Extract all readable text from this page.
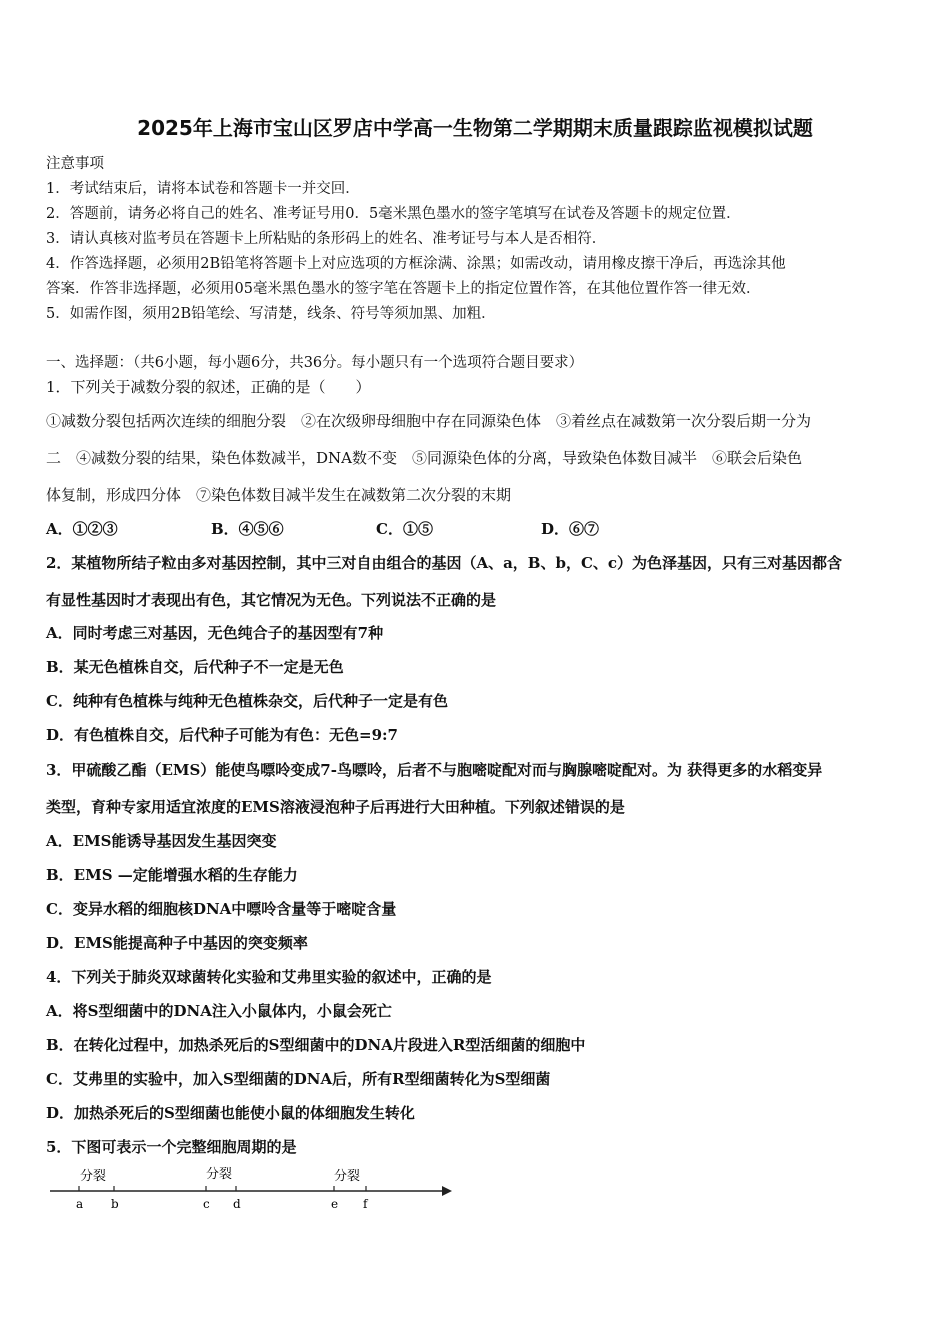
2025年上海市宝山区罗店中学高一生物第二学期期末质量跟踪监视模拟试题
注意事项
1．考试结束后，请将本试卷和答题卡一并交回．
2．答题前，请务必将自己的姓名、准考证号用0．5毫米黑色墨水的签字笔填写在试卷及答题卡的规定位置．
3．请认真核对监考员在答题卡上所粘贴的条形码上的姓名、准考证号与本人是否相符．
4．作答选择题，必须用2B铅笔将答题卡上对应选项的方框涂满、涂黑；如需改动，请用橡皮擦干净后，再选涂其他
答案．作答非选择题，必须用05毫米黑色墨水的签字笔在答题卡上的指定位置作答，在其他位置作答一律无效．
5．如需作图，须用2B铅笔绘、写清楚，线条、符号等须加黑、加粗．
一、选择题：（共6小题，每小题6分，共36分。每小题只有一个选项符合题目要求）
1．下列关于减数分裂的叙述，正确的是（　　）
①减数分裂包括两次连续的细胞分裂　②在次级卵母细胞中存在同源染色体　③着丝点在减数第一次分裂后期一分为
二　④减数分裂的结果，染色体数减半，DNA数不变　⑤同源染色体的分离，导致染色体数目减半　⑥联会后染色
体复制，形成四分体　⑦染色体数目减半发生在减数第二次分裂的末期
A．①②③	B．④⑤⑥	C．①⑤	D．⑥⑦
2．某植物所结子粒由多对基因控制，其中三对自由组合的基因（A、a，B、b，C、c）为色泽基因，只有三对基因都含
有显性基因时才表现出有色，其它情况为无色。下列说法不正确的是
A．同时考虑三对基因，无色纯合子的基因型有7种
B．某无色植株自交，后代种子不一定是无色
C．纯种有色植株与纯种无色植株杂交，后代种子一定是有色
D．有色植株自交，后代种子可能为有色：无色=9:7
3．甲硫酸乙酯（EMS）能使鸟嘌呤变成7-鸟嘌呤，后者不与胞嘧啶配对而与胸腺嘧啶配对。为 获得更多的水稻变异
类型，育种专家用适宜浓度的EMS溶液浸泡种子后再进行大田种植。下列叙述错误的是
A．EMS能诱导基因发生基因突变
B．EMS —定能增强水稻的生存能力
C．变异水稻的细胞核DNA中嘌呤含量等于嘧啶含量
D．EMS能提高种子中基因的突变频率
4．下列关于肺炎双球菌转化实验和艾弗里实验的叙述中，正确的是
A．将S型细菌中的DNA注入小鼠体内，小鼠会死亡
B．在转化过程中，加热杀死后的S型细菌中的DNA片段进入R型活细菌的细胞中
C．艾弗里的实验中，加入S型细菌的DNA后，所有R型细菌转化为S型细菌
D．加热杀死后的S型细菌也能使小鼠的体细胞发生转化
5．下图可表示一个完整细胞周期的是
分裂	分裂	分裂
a b	c d	e f
